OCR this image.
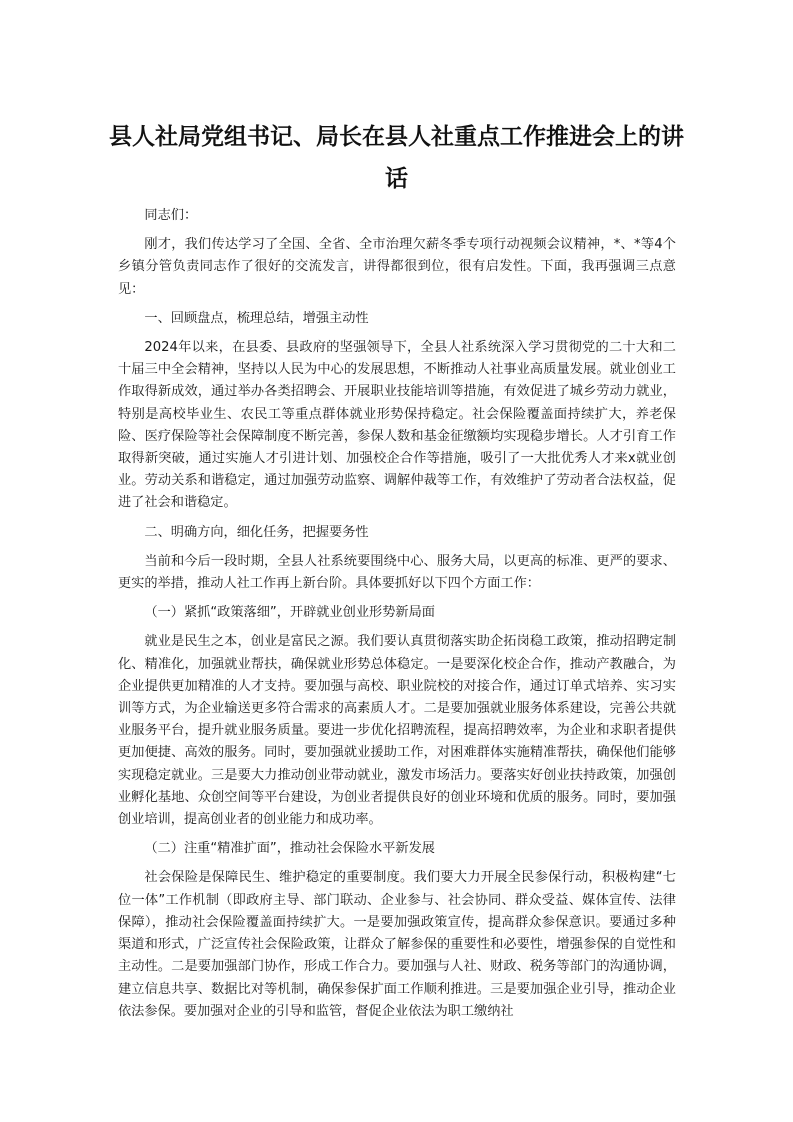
县人社局党组书记、局长在县人社重点工作推进会上的讲话

同志们：

刚才，我们传达学习了全国、全省、全市治理欠薪冬季专项行动视频会议精神，*、*等4个乡镇分管负责同志作了很好的交流发言，讲得都很到位，很有启发性。下面，我再强调三点意见：

一、回顾盘点，梳理总结，增强主动性

2024年以来，在县委、县政府的坚强领导下，全县人社系统深入学习贯彻党的二十大和二十届三中全会精神，坚持以人民为中心的发展思想，不断推动人社事业高质量发展。就业创业工作取得新成效，通过举办各类招聘会、开展职业技能培训等措施，有效促进了城乡劳动力就业，特别是高校毕业生、农民工等重点群体就业形势保持稳定。社会保险覆盖面持续扩大，养老保险、医疗保险等社会保障制度不断完善，参保人数和基金征缴额均实现稳步增长。人才引育工作取得新突破，通过实施人才引进计划、加强校企合作等措施，吸引了一大批优秀人才来x就业创业。劳动关系和谐稳定，通过加强劳动监察、调解仲裁等工作，有效维护了劳动者合法权益，促进了社会和谐稳定。

二、明确方向，细化任务，把握要务性

当前和今后一段时期，全县人社系统要围绕中心、服务大局，以更高的标准、更严的要求、更实的举措，推动人社工作再上新台阶。具体要抓好以下四个方面工作：

（一）紧抓“政策落细”，开辟就业创业形势新局面

就业是民生之本，创业是富民之源。我们要认真贯彻落实助企拓岗稳工政策，推动招聘定制化、精准化，加强就业帮扶，确保就业形势总体稳定。一是要深化校企合作，推动产教融合，为企业提供更加精准的人才支持。要加强与高校、职业院校的对接合作，通过订单式培养、实习实训等方式，为企业输送更多符合需求的高素质人才。二是要加强就业服务体系建设，完善公共就业服务平台，提升就业服务质量。要进一步优化招聘流程，提高招聘效率，为企业和求职者提供更加便捷、高效的服务。同时，要加强就业援助工作，对困难群体实施精准帮扶，确保他们能够实现稳定就业。三是要大力推动创业带动就业，激发市场活力。要落实好创业扶持政策，加强创业孵化基地、众创空间等平台建设，为创业者提供良好的创业环境和优质的服务。同时，要加强创业培训，提高创业者的创业能力和成功率。

（二）注重“精准扩面”，推动社会保险水平新发展

社会保险是保障民生、维护稳定的重要制度。我们要大力开展全民参保行动，积极构建“七位一体”工作机制（即政府主导、部门联动、企业参与、社会协同、群众受益、媒体宣传、法律保障），推动社会保险覆盖面持续扩大。一是要加强政策宣传，提高群众参保意识。要通过多种渠道和形式，广泛宣传社会保险政策，让群众了解参保的重要性和必要性，增强参保的自觉性和主动性。二是要加强部门协作，形成工作合力。要加强与人社、财政、税务等部门的沟通协调，建立信息共享、数据比对等机制，确保参保扩面工作顺利推进。三是要加强企业引导，推动企业依法参保。要加强对企业的引导和监管，督促企业依法为职工缴纳社
